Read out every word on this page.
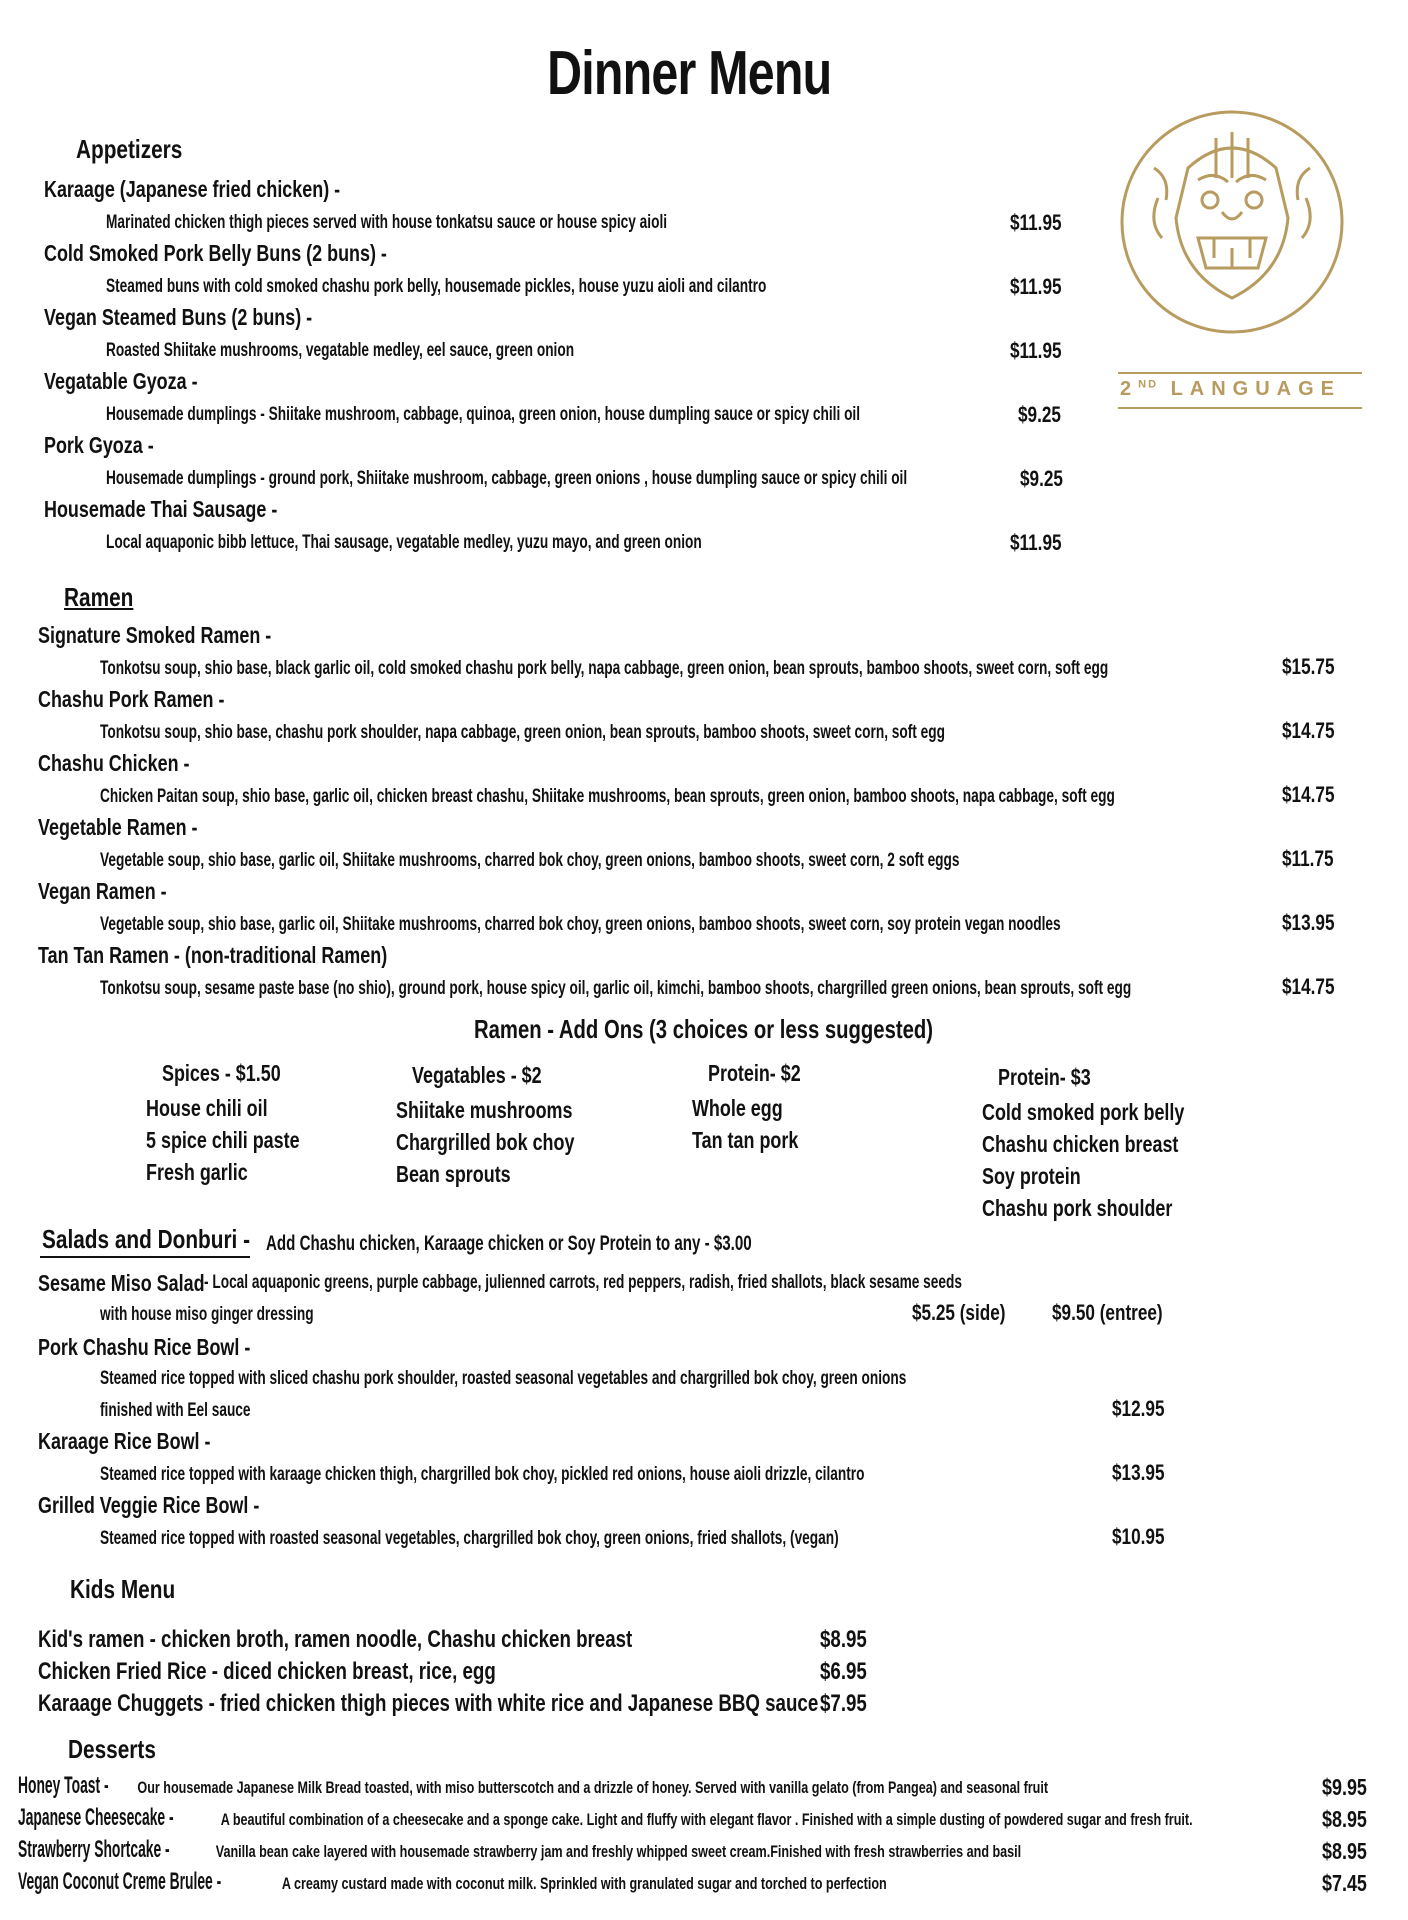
Dinner Menu
2ND LANGUAGE
Appetizers
Karaage (Japanese fried chicken) -
Marinated chicken thigh pieces served with house tonkatsu sauce or house spicy aioli	$11.95
Cold Smoked Pork Belly Buns (2 buns) -
Steamed buns with cold smoked chashu pork belly, housemade pickles, house yuzu aioli and cilantro	$11.95
Vegan Steamed Buns (2 buns) -
Roasted Shiitake mushrooms, vegatable medley, eel sauce, green onion	$11.95
Vegatable Gyoza -
Housemade dumplings - Shiitake mushroom, cabbage, quinoa, green onion, house dumpling sauce or spicy chili oil	$9.25
Pork Gyoza -
Housemade dumplings - ground pork, Shiitake mushroom, cabbage, green onions , house dumpling sauce or spicy chili oil	$9.25
Housemade Thai Sausage -
Local aquaponic bibb lettuce, Thai sausage, vegatable medley, yuzu mayo, and green onion	$11.95
Ramen
Signature Smoked Ramen -
Tonkotsu soup, shio base, black garlic oil, cold smoked chashu pork belly, napa cabbage, green onion, bean sprouts, bamboo shoots, sweet corn, soft egg	$15.75
Chashu Pork Ramen -
Tonkotsu soup, shio base, chashu pork shoulder, napa cabbage, green onion, bean sprouts, bamboo shoots, sweet corn, soft egg	$14.75
Chashu Chicken -
Chicken Paitan soup, shio base, garlic oil, chicken breast chashu, Shiitake mushrooms, bean sprouts, green onion, bamboo shoots, napa cabbage, soft egg	$14.75
Vegetable Ramen -
Vegetable soup, shio base, garlic oil, Shiitake mushrooms, charred bok choy, green onions, bamboo shoots, sweet corn, 2 soft eggs	$11.75
Vegan Ramen -
Vegetable soup, shio base, garlic oil, Shiitake mushrooms, charred bok choy, green onions, bamboo shoots, sweet corn, soy protein vegan noodles	$13.95
Tan Tan Ramen - (non-traditional Ramen)
Tonkotsu soup, sesame paste base (no shio), ground pork, house spicy oil, garlic oil, kimchi, bamboo shoots, chargrilled green onions, bean sprouts, soft egg	$14.75
Ramen - Add Ons (3 choices or less suggested)
Spices - $1.50
House chili oil
5 spice chili paste
Fresh garlic
Vegatables - $2
Shiitake mushrooms
Chargrilled bok choy
Bean sprouts
Protein- $2
Whole egg
Tan tan pork
Protein- $3
Cold smoked pork belly
Chashu chicken breast
Soy protein
Chashu pork shoulder
Salads and Donburi - Add Chashu chicken, Karaage chicken or Soy Protein to any - $3.00
Sesame Miso Salad - Local aquaponic greens, purple cabbage, julienned carrots, red peppers, radish, fried shallots, black sesame seeds
with house miso ginger dressing	$5.25 (side) $9.50 (entree)
Pork Chashu Rice Bowl -
Steamed rice topped with sliced chashu pork shoulder, roasted seasonal vegetables and chargrilled bok choy, green onions
finished with Eel sauce	$12.95
Karaage Rice Bowl -
Steamed rice topped with karaage chicken thigh, chargrilled bok choy, pickled red onions, house aioli drizzle, cilantro	$13.95
Grilled Veggie Rice Bowl -
Steamed rice topped with roasted seasonal vegetables, chargrilled bok choy, green onions, fried shallots, (vegan)	$10.95
Kids Menu
Kid's ramen - chicken broth, ramen noodle, Chashu chicken breast	$8.95
Chicken Fried Rice - diced chicken breast, rice, egg	$6.95
Karaage Chuggets - fried chicken thigh pieces with white rice and Japanese BBQ sauce $7.95
Desserts
Honey Toast - Our housemade Japanese Milk Bread toasted, with miso butterscotch and a drizzle of honey. Served with vanilla gelato (from Pangea) and seasonal fruit	$9.95
Japanese Cheesecake -	A beautiful combination of a cheesecake and a sponge cake. Light and fluffy with elegant flavor . Finished with a simple dusting of powdered sugar and fresh fruit.	$8.95
Strawberry Shortcake -	Vanilla bean cake layered with housemade strawberry jam and freshly whipped sweet cream.Finished with fresh strawberries and basil	$8.95
Vegan Coconut Creme Brulee -	A creamy custard made with coconut milk. Sprinkled with granulated sugar and torched to perfection	$7.45
